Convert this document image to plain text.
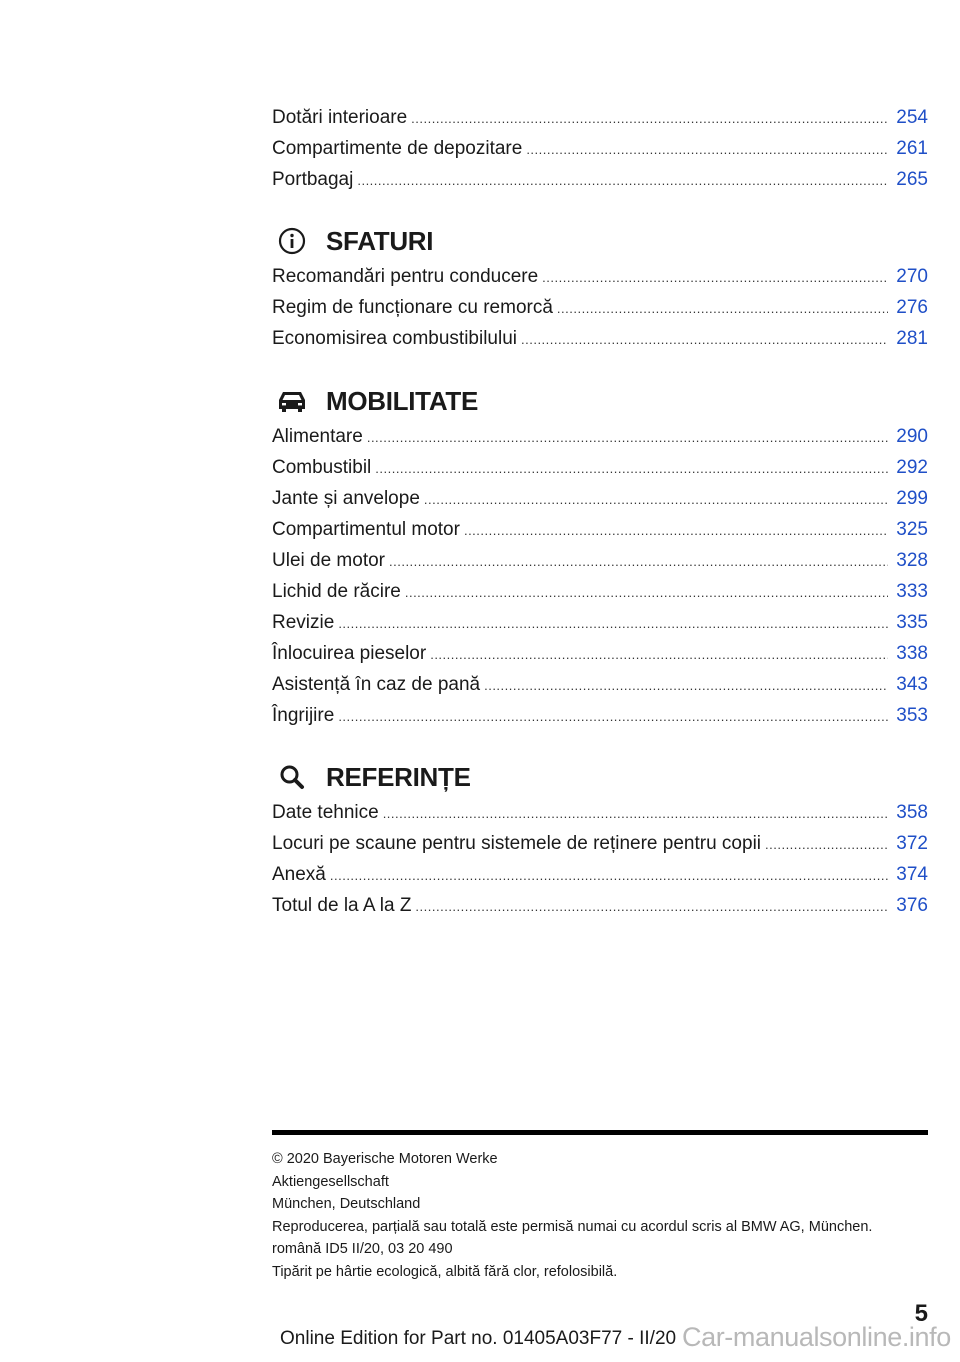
Dotări interioare .....	254
Compartimente de depozitare .....	261
Portbagaj .....	265
SFATURI
Recomandări pentru conducere .....	270
Regim de funcționare cu remorcă .....	276
Economisirea combustibilului .....	281
MOBILITATE
Alimentare .....	290
Combustibil .....	292
Jante și anvelope .....	299
Compartimentul motor .....	325
Ulei de motor .....	328
Lichid de răcire .....	333
Revizie .....	335
Înlocuirea pieselor .....	338
Asistență în caz de pană .....	343
Îngrijire .....	353
REFERINȚE
Date tehnice .....	358
Locuri pe scaune pentru sistemele de reținere pentru copii .....	372
Anexă .....	374
Totul de la A la Z .....	376
© 2020 Bayerische Motoren Werke
Aktiengesellschaft
München, Deutschland
Reproducerea, parțială sau totală este permisă numai cu acordul scris al BMW AG, München.
română ID5 II/20, 03 20 490
Tipărit pe hârtie ecologică, albită fără clor, refolosibilă.
5
Online Edition for Part no. 01405A03F77 - II/20 Car-manualsonline.info
